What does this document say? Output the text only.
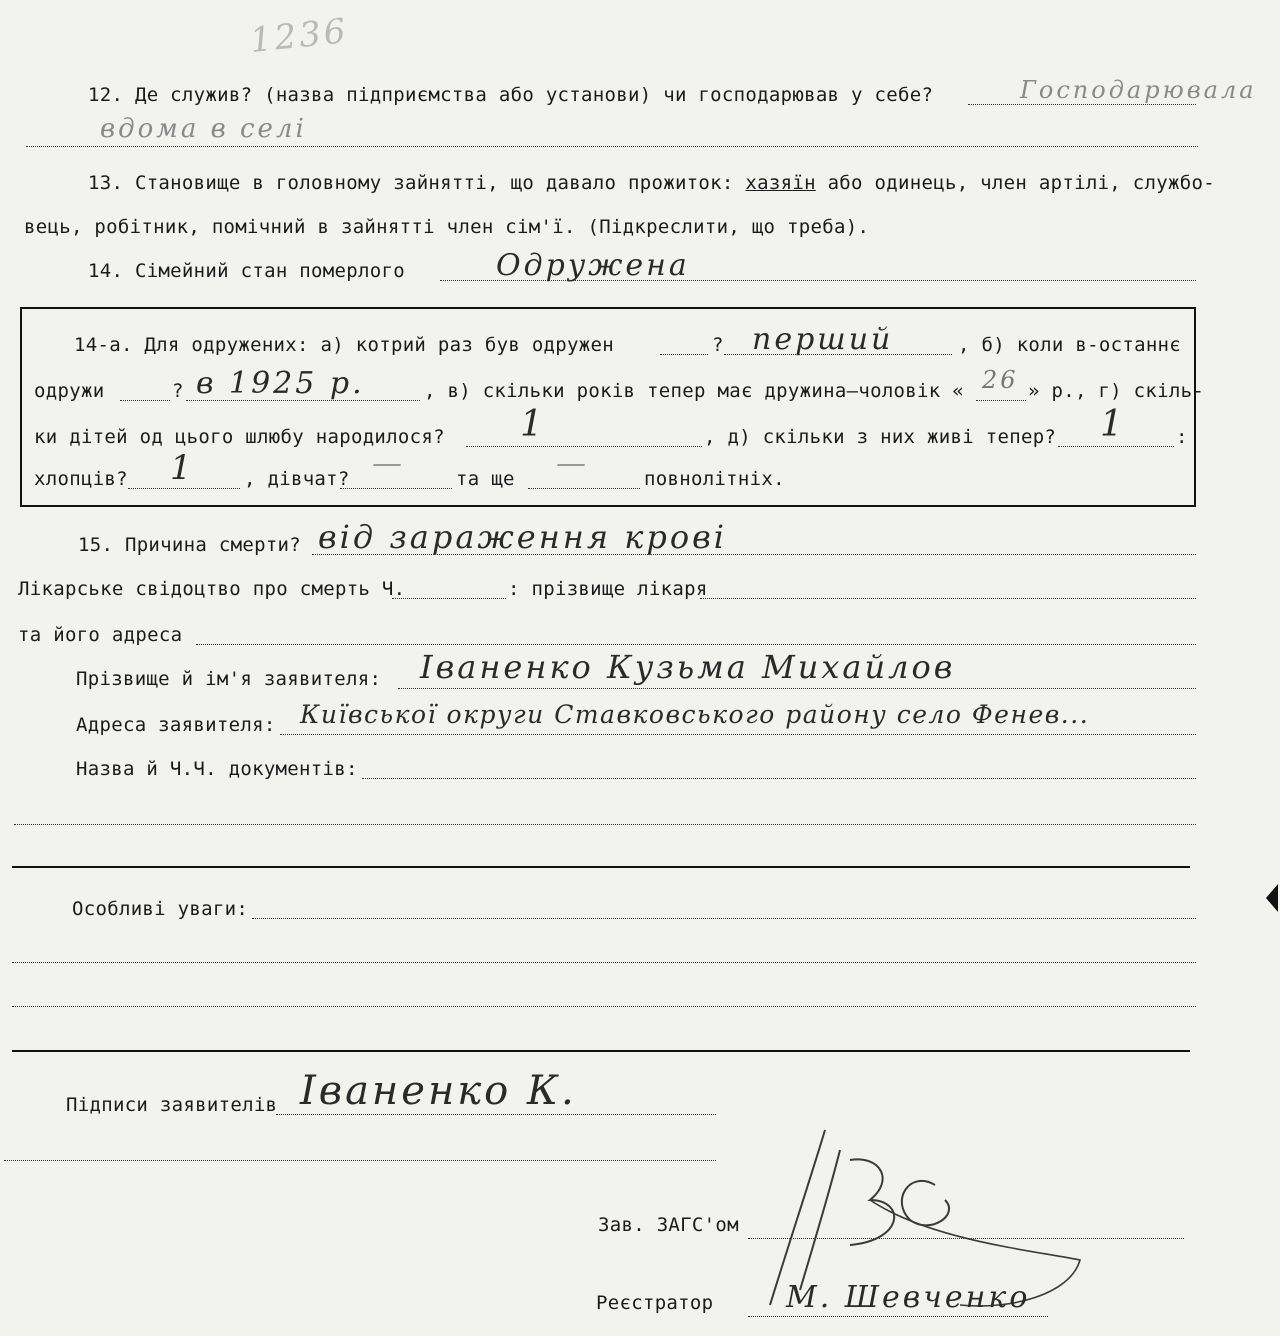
1236
12. Де служив? (назва підприємства або установи) чи господарював у себе?	Господарювала
вдома в селі
13. Становище в головному зайнятті, що давало прожиток: хазяїн або одинець, член артілі, службо-
вець, робітник, помічний в зайнятті член сім'ї. (Підкреслити, що треба).
14. Сімейний стан померлого	Одружена
14-а. Для одружених: а) котрий раз був одружен	? перший	, б) коли в-останнє
одружи	? в 1925 р.	, в) скільки років тепер має дружина—чоловік « 26 » р., г) скіль-
ки дітей од цього шлюбу народилося? 1	, д) скільки з них живі тепер? 1	:
хлопців? 1	, дівчат? —	та ще —	повнолітніх.
15. Причина смерти? від зараження крові
Лікарське свідоцтво про смерть Ч.	: прізвище лікаря
та його адреса
Прізвище й ім'я заявителя: Іваненко Кузьма Михайлов
Адреса заявителя: Київської округи Ставковського району село Фенев...
Назва й Ч.Ч. документів:
Особливі уваги:
Підписи заявителів Іваненко К.
Зав. ЗАГС'ом
Реєстратор М. Шевченко
